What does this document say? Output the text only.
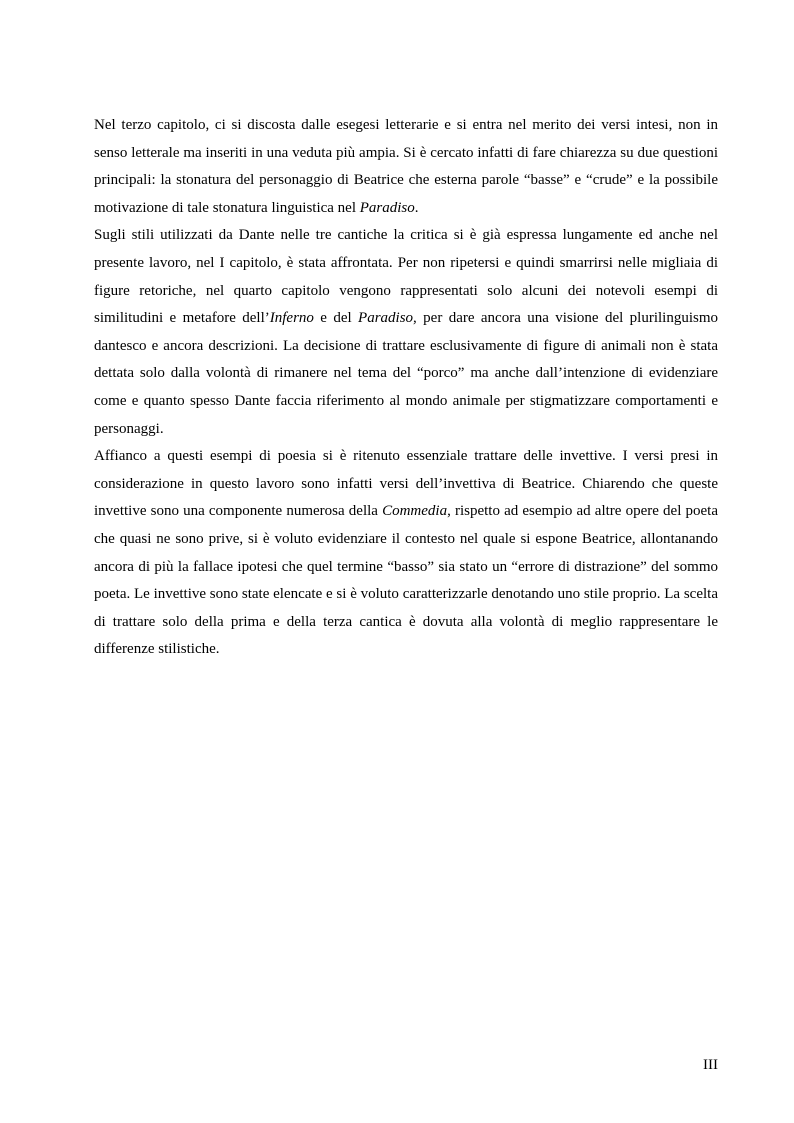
Nel terzo capitolo, ci si discosta dalle esegesi letterarie e si entra nel merito dei versi intesi, non in senso letterale ma inseriti in una veduta più ampia. Si è cercato infatti di fare chiarezza su due questioni principali: la stonatura del personaggio di Beatrice che esterna parole “basse” e “crude” e la possibile motivazione di tale stonatura linguistica nel Paradiso.

Sugli stili utilizzati da Dante nelle tre cantiche la critica si è già espressa lungamente ed anche nel presente lavoro, nel I capitolo, è stata affrontata. Per non ripetersi e quindi smarrirsi nelle migliaia di figure retoriche, nel quarto capitolo vengono rappresentati solo alcuni dei notevoli esempi di similitudini e metafore dell’Inferno e del Paradiso, per dare ancora una visione del plurilinguismo dantesco e ancora descrizioni. La decisione di trattare esclusivamente di figure di animali non è stata dettata solo dalla volontà di rimanere nel tema del “porco” ma anche dall’intenzione di evidenziare come e quanto spesso Dante faccia riferimento al mondo animale per stigmatizzare comportamenti e personaggi.

Affianco a questi esempi di poesia si è ritenuto essenziale trattare delle invettive. I versi presi in considerazione in questo lavoro sono infatti versi dell’invettiva di Beatrice. Chiarendo che queste invettive sono una componente numerosa della Commedia, rispetto ad esempio ad altre opere del poeta che quasi ne sono prive, si è voluto evidenziare il contesto nel quale si espone Beatrice, allontanando ancora di più la fallace ipotesi che quel termine “basso” sia stato un “errore di distrazione” del sommo poeta. Le invettive sono state elencate e si è voluto caratterizzarle denotando uno stile proprio. La scelta di trattare solo della prima e della terza cantica è dovuta alla volontà di meglio rappresentare le differenze stilistiche.

III
